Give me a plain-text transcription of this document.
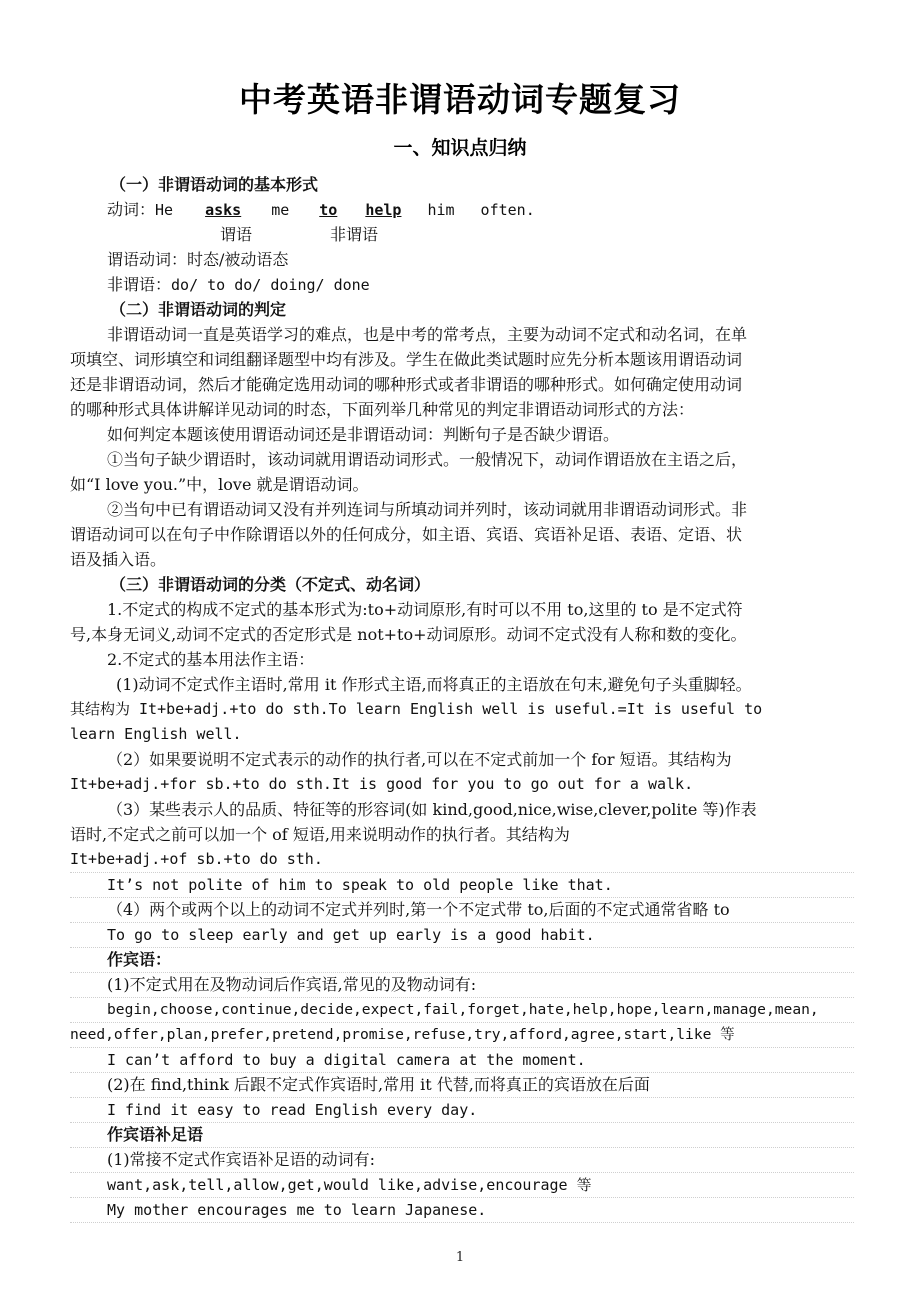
中考英语非谓语动词专题复习
一、知识点归纳
（一）非谓语动词的基本形式
动词：He asks me to help him often.
谓语	非谓语
谓语动词：时态/被动语态
非谓语：do/ to do/ doing/ done
（二）非谓语动词的判定
非谓语动词一直是英语学习的难点，也是中考的常考点，主要为动词不定式和动名词，在单
项填空、词形填空和词组翻译题型中均有涉及。学生在做此类试题时应先分析本题该用谓语动词
还是非谓语动词，然后才能确定选用动词的哪种形式或者非谓语的哪种形式。如何确定使用动词
的哪种形式具体讲解详见动词的时态，下面列举几种常见的判定非谓语动词形式的方法：
如何判定本题该使用谓语动词还是非谓语动词：判断句子是否缺少谓语。
①当句子缺少谓语时，该动词就用谓语动词形式。一般情况下，动词作谓语放在主语之后，
如“I love you.”中，love 就是谓语动词。
②当句中已有谓语动词又没有并列连词与所填动词并列时，该动词就用非谓语动词形式。非
谓语动词可以在句子中作除谓语以外的任何成分，如主语、宾语、宾语补足语、表语、定语、状
语及插入语。
（三）非谓语动词的分类（不定式、动名词）
1.不定式的构成不定式的基本形式为:to+动词原形,有时可以不用 to,这里的 to 是不定式符
号,本身无词义,动词不定式的否定形式是 not+to+动词原形。动词不定式没有人称和数的变化。
2.不定式的基本用法作主语：
(1)动词不定式作主语时,常用 it 作形式主语,而将真正的主语放在句末,避免句子头重脚轻。
其结构为 It+be+adj.+to do sth.To learn English well is useful.=It is useful to
learn English well.
（2）如果要说明不定式表示的动作的执行者,可以在不定式前加一个 for 短语。其结构为
It+be+adj.+for sb.+to do sth.It is good for you to go out for a walk.
（3）某些表示人的品质、特征等的形容词(如 kind,good,nice,wise,clever,polite 等)作表
语时,不定式之前可以加一个 of 短语,用来说明动作的执行者。其结构为
It+be+adj.+of sb.+to do sth.
It’s not polite of him to speak to old people like that.
（4）两个或两个以上的动词不定式并列时,第一个不定式带 to,后面的不定式通常省略 to
To go to sleep early and get up early is a good habit.
作宾语：
(1)不定式用在及物动词后作宾语,常见的及物动词有:
begin,choose,continue,decide,expect,fail,forget,hate,help,hope,learn,manage,mean,
need,offer,plan,prefer,pretend,promise,refuse,try,afford,agree,start,like 等
I can’t afford to buy a digital camera at the moment.
(2)在 find,think 后跟不定式作宾语时,常用 it 代替,而将真正的宾语放在后面
I find it easy to read English every day.
作宾语补足语
(1)常接不定式作宾语补足语的动词有:
want,ask,tell,allow,get,would like,advise,encourage 等
My mother encourages me to learn Japanese.
1
